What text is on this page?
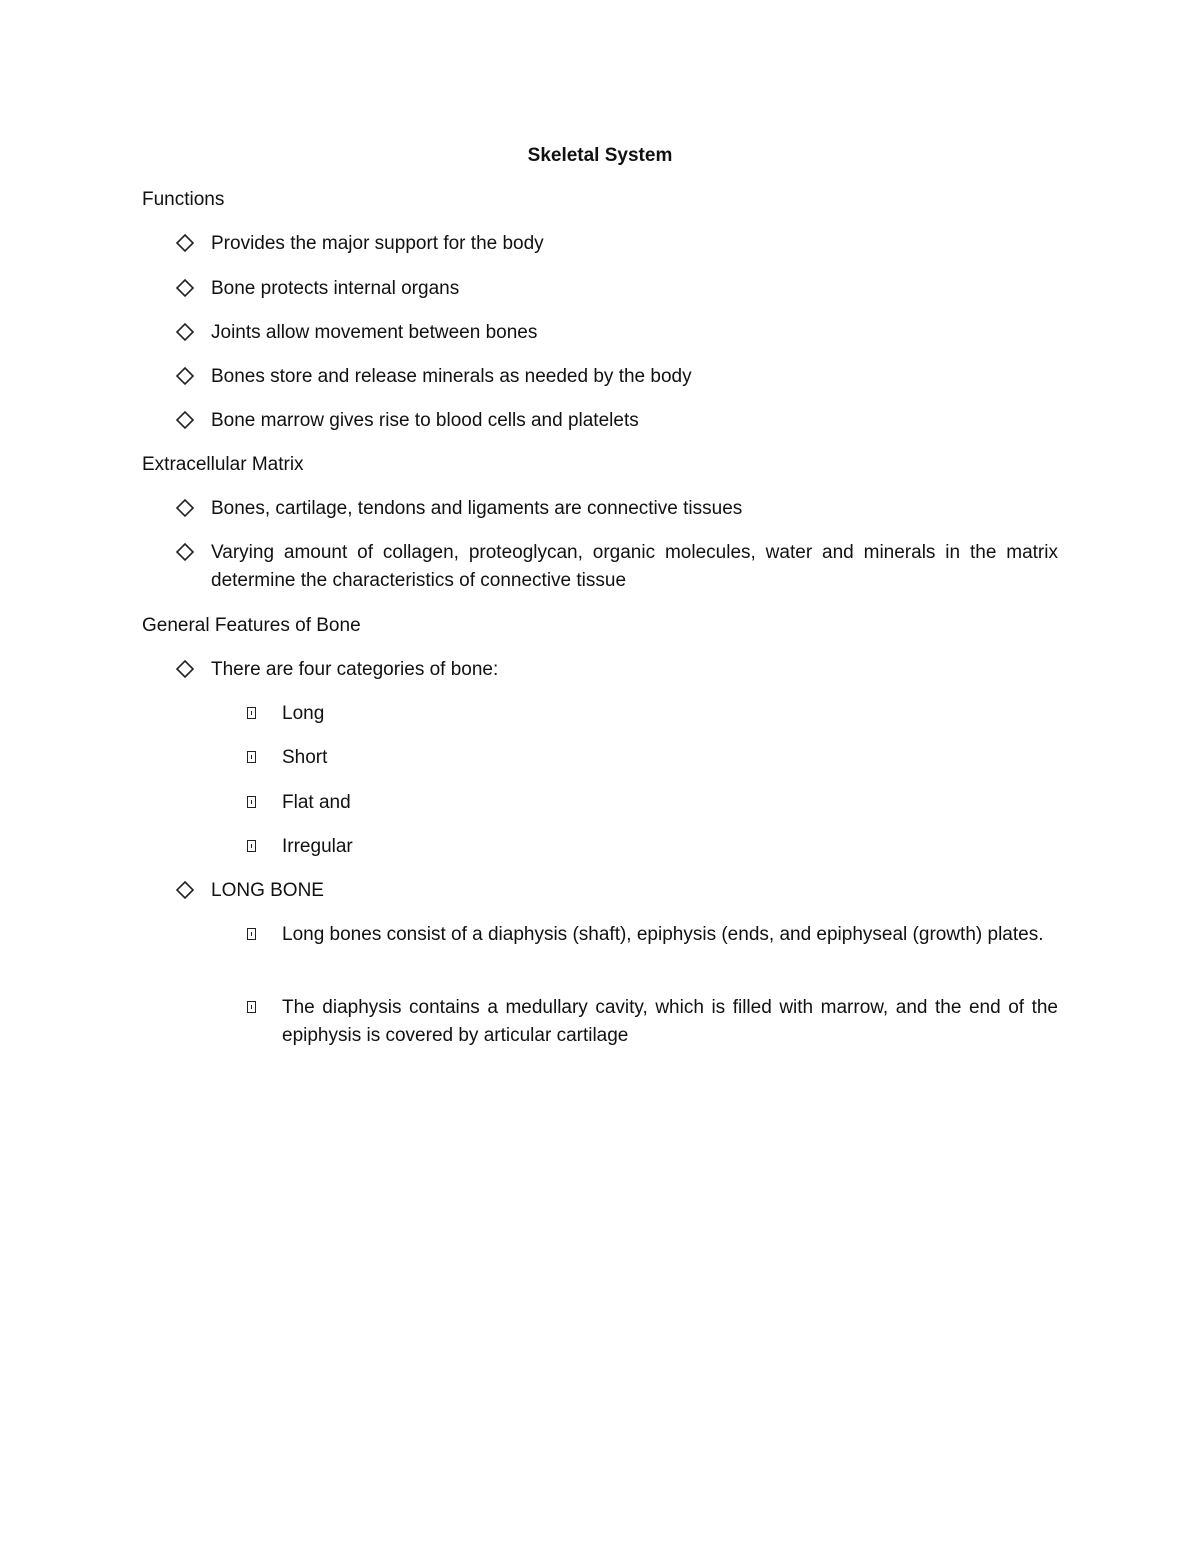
Skeletal System
Functions
Provides the major support for the body
Bone protects internal organs
Joints allow movement between bones
Bones store and release minerals as needed by the body
Bone marrow gives rise to blood cells and platelets
Extracellular Matrix
Bones, cartilage, tendons and ligaments are connective tissues
Varying amount of collagen, proteoglycan, organic molecules, water and minerals in the matrix determine the characteristics of connective tissue
General Features of Bone
There are four categories of bone:
Long
Short
Flat and
Irregular
LONG BONE
Long bones consist of a diaphysis (shaft), epiphysis (ends, and epiphyseal (growth) plates.
The diaphysis contains a medullary cavity, which is filled with marrow, and the end of the epiphysis is covered by articular cartilage
